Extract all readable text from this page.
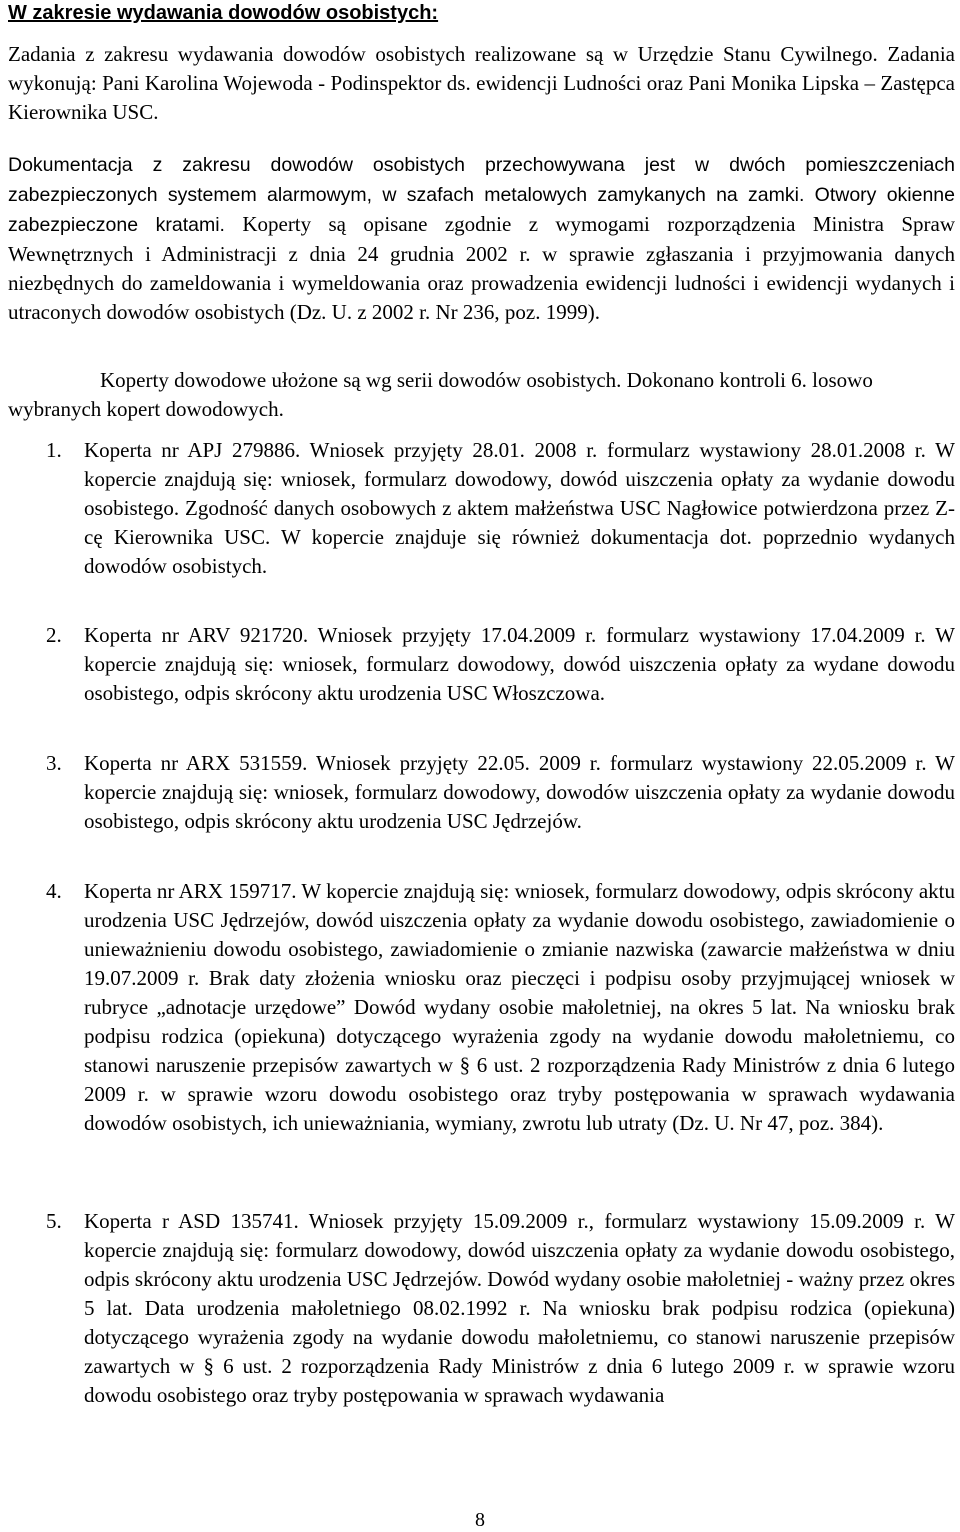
W zakresie wydawania dowodów osobistych:

Zadania z zakresu wydawania dowodów osobistych realizowane są w Urzędzie Stanu Cywilnego. Zadania wykonują: Pani Karolina Wojewoda - Podinspektor ds. ewidencji Ludności oraz Pani Monika Lipska – Zastępca Kierownika USC.

Dokumentacja z zakresu dowodów osobistych przechowywana jest w dwóch pomieszczeniach zabezpieczonych systemem alarmowym, w szafach metalowych zamykanych na zamki. Otwory okienne zabezpieczone kratami. Koperty są opisane zgodnie z wymogami rozporządzenia Ministra Spraw Wewnętrznych i Administracji z dnia 24 grudnia 2002 r. w sprawie zgłaszania i przyjmowania danych niezbędnych do zameldowania i wymeldowania oraz prowadzenia ewidencji ludności i ewidencji wydanych i utraconych dowodów osobistych (Dz. U. z 2002 r. Nr 236, poz. 1999).

Koperty dowodowe ułożone są wg serii dowodów osobistych. Dokonano kontroli 6. losowo wybranych kopert dowodowych.

1. Koperta nr APJ 279886. Wniosek przyjęty 28.01. 2008 r. formularz wystawiony 28.01.2008 r. W kopercie znajdują się: wniosek, formularz dowodowy, dowód uiszczenia opłaty za wydanie dowodu osobistego. Zgodność danych osobowych z aktem małżeństwa USC Nagłowice potwierdzona przez Z-cę Kierownika USC. W kopercie znajduje się również dokumentacja dot. poprzednio wydanych dowodów osobistych.

2. Koperta nr ARV 921720. Wniosek przyjęty 17.04.2009 r. formularz wystawiony 17.04.2009 r. W kopercie znajdują się: wniosek, formularz dowodowy, dowód uiszczenia opłaty za wydane dowodu osobistego, odpis skrócony aktu urodzenia USC Włoszczowa.

3. Koperta nr ARX 531559. Wniosek przyjęty 22.05. 2009 r. formularz wystawiony 22.05.2009 r. W kopercie znajdują się: wniosek, formularz dowodowy, dowodów uiszczenia opłaty za wydanie dowodu osobistego, odpis skrócony aktu urodzenia USC Jędrzejów.

4. Koperta nr ARX 159717. W kopercie znajdują się: wniosek, formularz dowodowy, odpis skrócony aktu urodzenia USC Jędrzejów, dowód uiszczenia opłaty za wydanie dowodu osobistego, zawiadomienie o unieważnieniu dowodu osobistego, zawiadomienie o zmianie nazwiska (zawarcie małżeństwa w dniu 19.07.2009 r. Brak daty złożenia wniosku oraz pieczęci i podpisu osoby przyjmującej wniosek w rubryce „adnotacje urzędowe” Dowód wydany osobie małoletniej, na okres 5 lat. Na wniosku brak podpisu rodzica (opiekuna) dotyczącego wyrażenia zgody na wydanie dowodu małoletniemu, co stanowi naruszenie przepisów zawartych w § 6 ust. 2 rozporządzenia Rady Ministrów z dnia 6 lutego 2009 r. w sprawie wzoru dowodu osobistego oraz tryby postępowania w sprawach wydawania dowodów osobistych, ich unieważniania, wymiany, zwrotu lub utraty (Dz. U. Nr 47, poz. 384).

5. Koperta r ASD 135741. Wniosek przyjęty 15.09.2009 r., formularz wystawiony 15.09.2009 r. W kopercie znajdują się: formularz dowodowy, dowód uiszczenia opłaty za wydanie dowodu osobistego, odpis skrócony aktu urodzenia USC Jędrzejów. Dowód wydany osobie małoletniej - ważny przez okres 5 lat. Data urodzenia małoletniego 08.02.1992 r. Na wniosku brak podpisu rodzica (opiekuna) dotyczącego wyrażenia zgody na wydanie dowodu małoletniemu, co stanowi naruszenie przepisów zawartych w § 6 ust. 2 rozporządzenia Rady Ministrów z dnia 6 lutego 2009 r. w sprawie wzoru dowodu osobistego oraz tryby postępowania w sprawach wydawania

8
